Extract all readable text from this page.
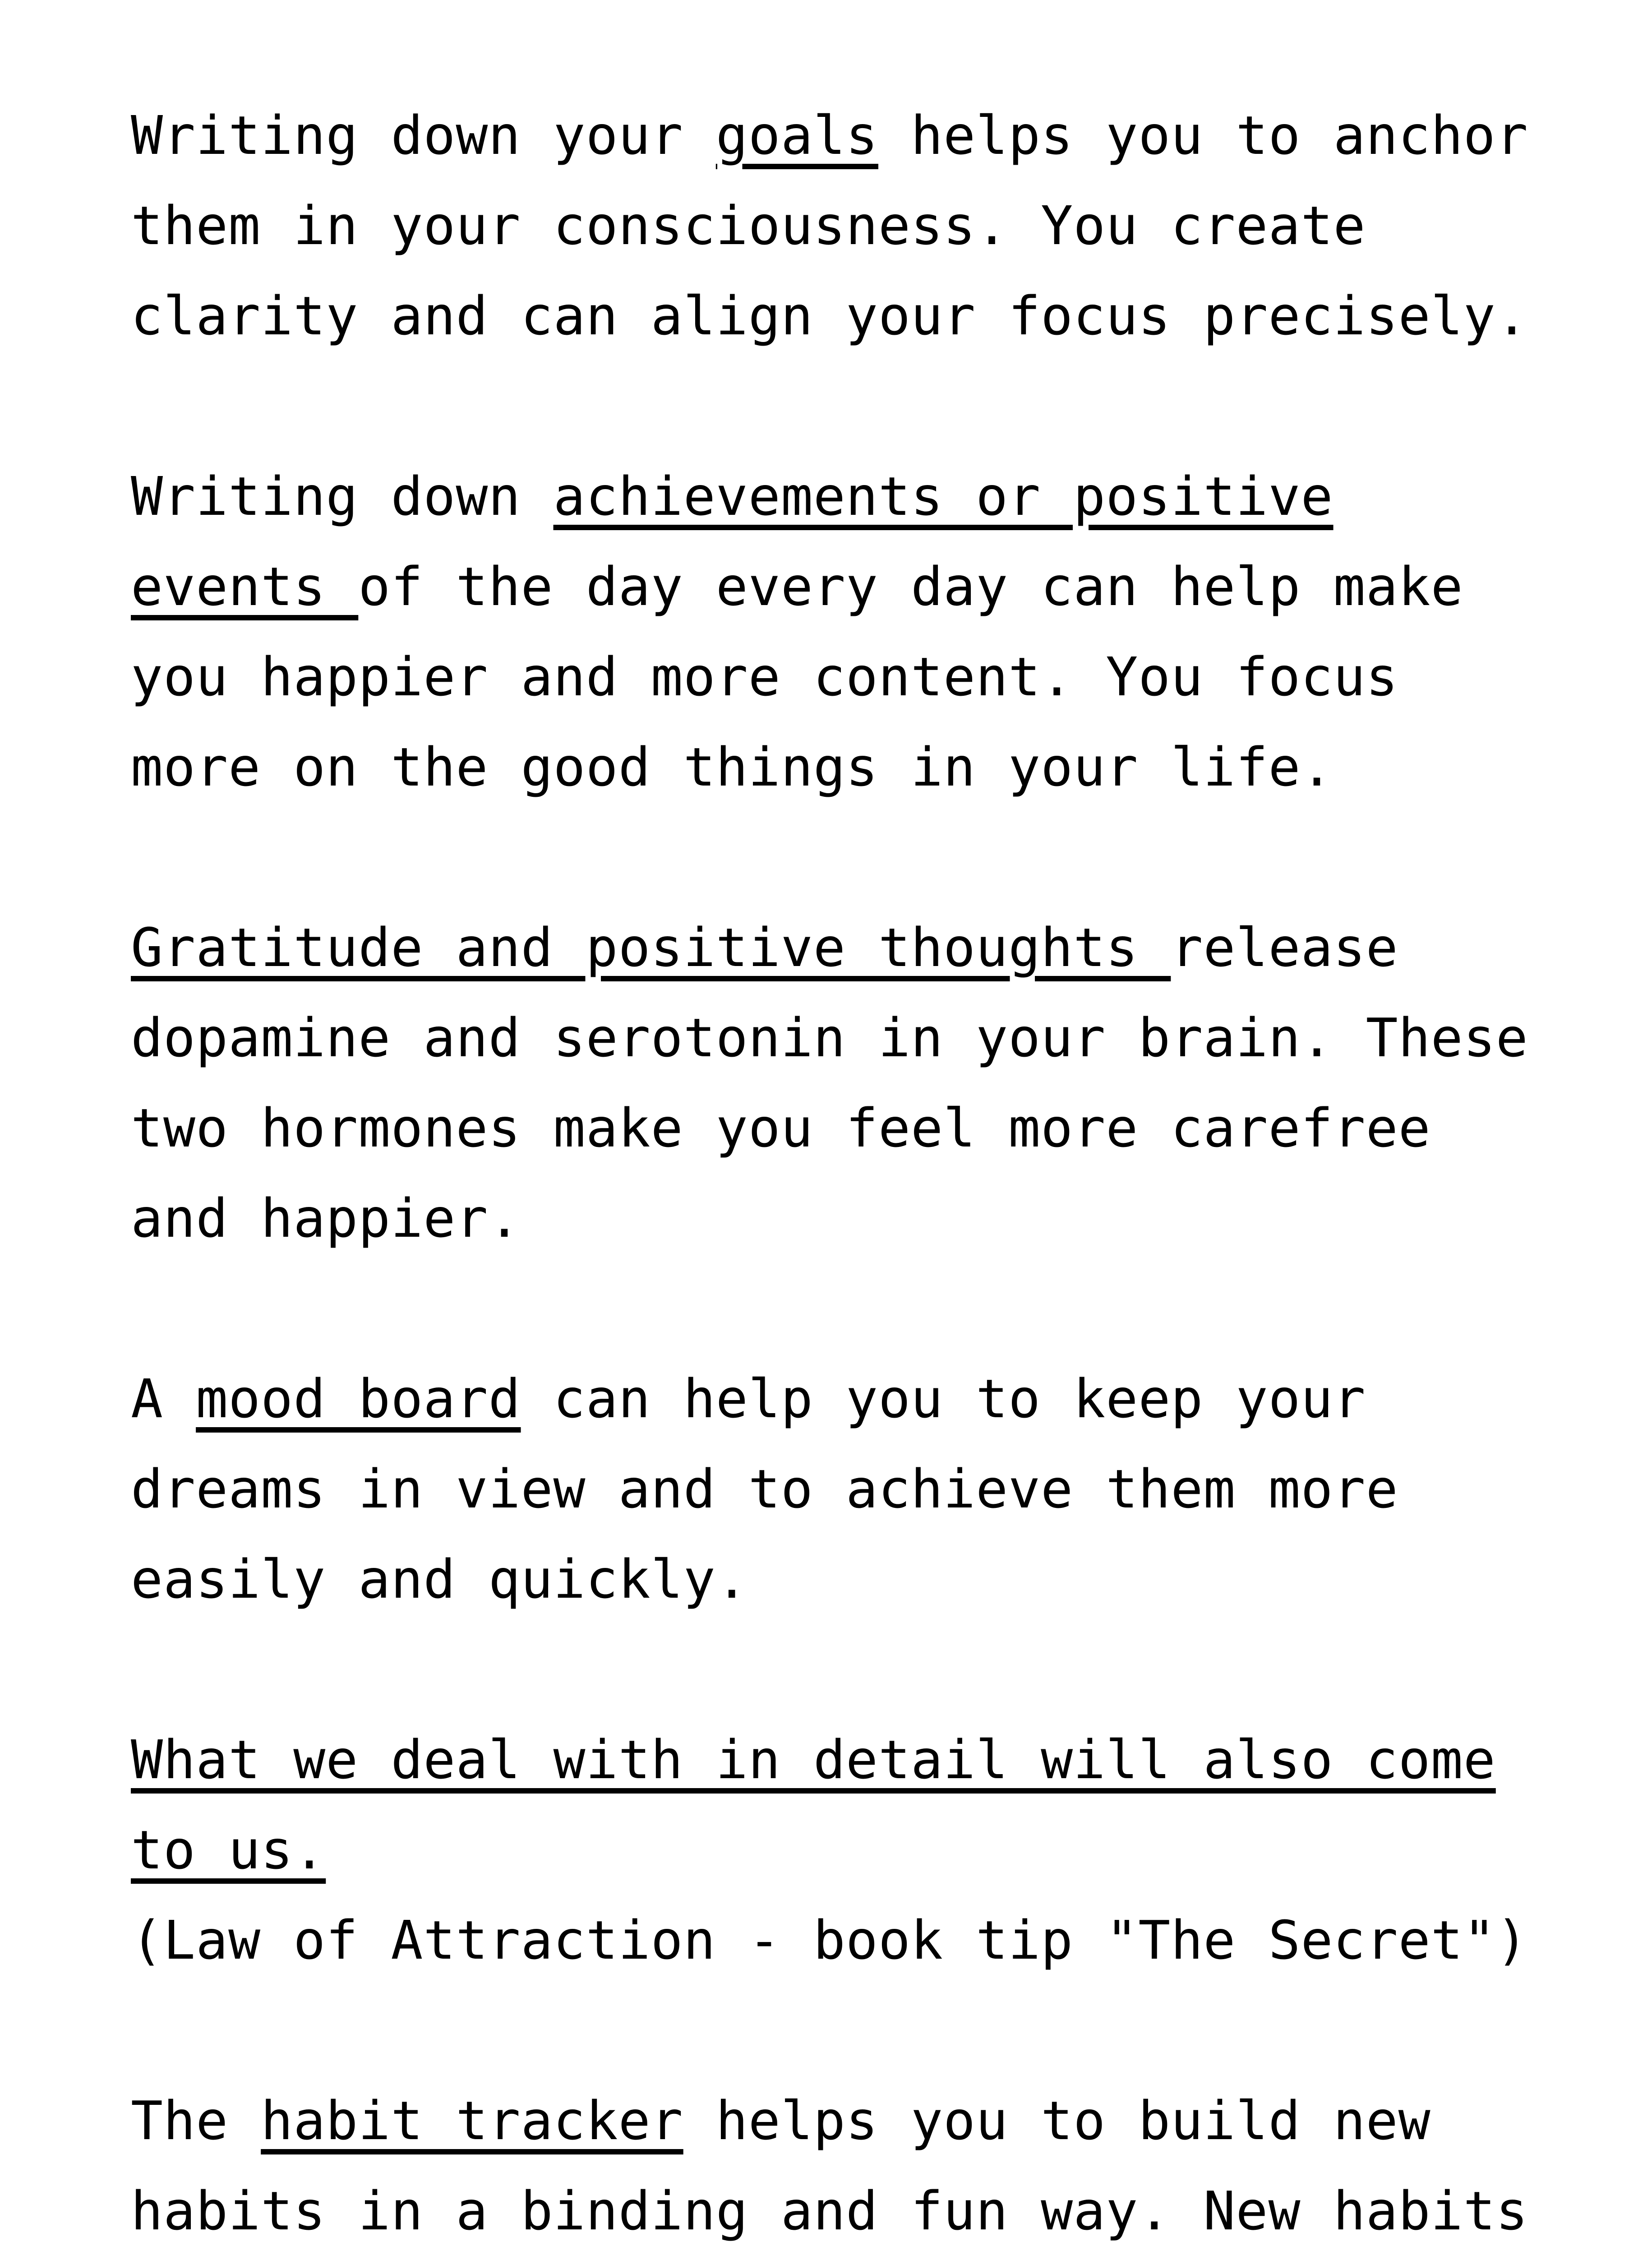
Writing down your goals helps you to anchor them in your consciousness. You create clarity and can align your focus precisely.

Writing down achievements or positive events of the day every day can help make you happier and more content. You focus more on the good things in your life.

Gratitude and positive thoughts release dopamine and serotonin in your brain. These two hormones make you feel more carefree and happier.

A mood board can help you to keep your dreams in view and to achieve them more easily and quickly.

What we deal with in detail will also come to us.
(Law of Attraction - book tip "The Secret")

The habit tracker helps you to build new habits in a binding and fun way. New habits
